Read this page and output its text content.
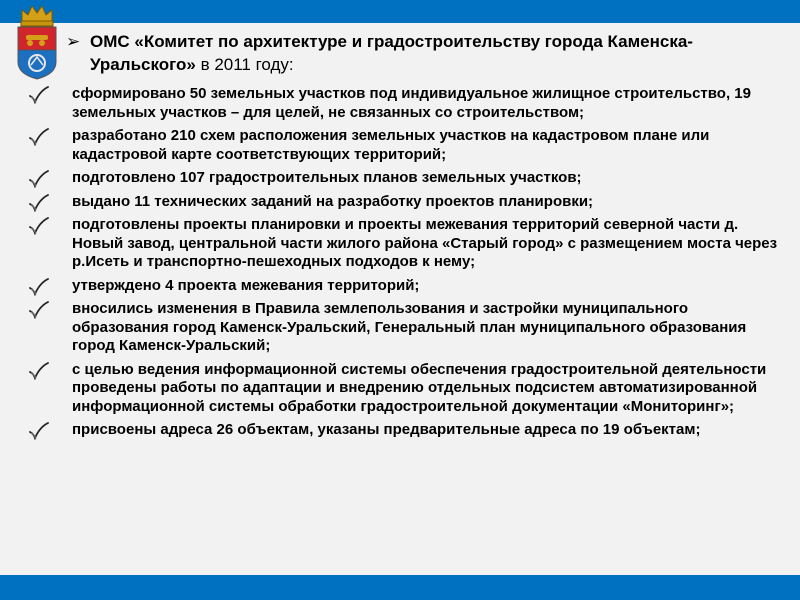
➢ ОМС «Комитет по архитектуре и градостроительству города Каменска-Уральского» в 2011 году:
сформировано 50 земельных участков под индивидуальное жилищное строительство, 19 земельных участков – для целей, не связанных со строительством;
разработано 210 схем расположения земельных участков на кадастровом плане или кадастровой карте соответствующих территорий;
подготовлено 107 градостроительных планов земельных участков;
выдано 11 технических заданий на разработку проектов планировки;
подготовлены проекты планировки и проекты межевания территорий северной части д. Новый завод, центральной части жилого района «Старый город» с размещением моста через р.Исеть и транспортно-пешеходных подходов к нему;
утверждено 4 проекта межевания территорий;
вносились изменения в Правила землепользования и застройки муниципального образования город Каменск-Уральский, Генеральный план муниципального образования город Каменск-Уральский;
с целью ведения информационной системы обеспечения градостроительной деятельности проведены работы по адаптации и внедрению отдельных подсистем автоматизированной информационной системы обработки градостроительной документации «Мониторинг»;
присвоены адреса 26 объектам, указаны предварительные адреса по 19 объектам;
